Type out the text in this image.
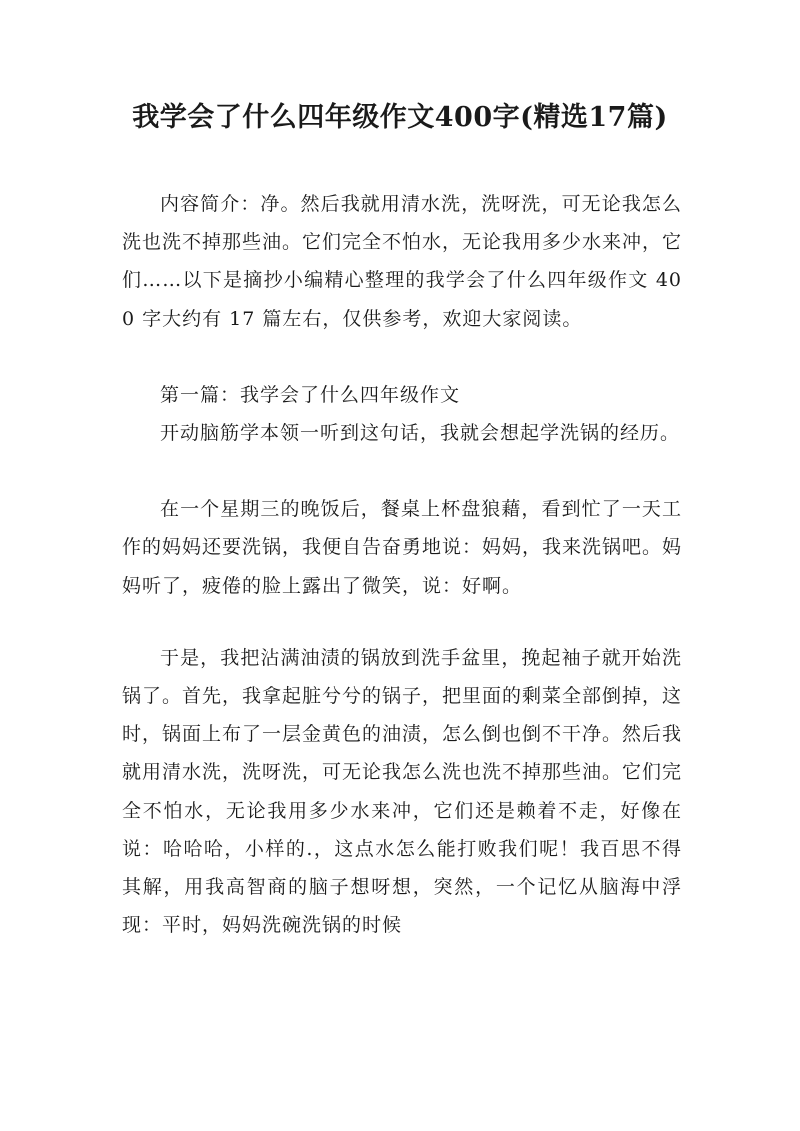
我学会了什么四年级作文400字(精选17篇)

内容简介：净。然后我就用清水洗，洗呀洗，可无论我怎么洗也洗不掉那些油。它们完全不怕水，无论我用多少水来冲，它们……以下是摘抄小编精心整理的我学会了什么四年级作文 400 字大约有 17 篇左右，仅供参考，欢迎大家阅读。

第一篇：我学会了什么四年级作文

开动脑筋学本领一听到这句话，我就会想起学洗锅的经历。

在一个星期三的晚饭后，餐桌上杯盘狼藉，看到忙了一天工作的妈妈还要洗锅，我便自告奋勇地说：妈妈，我来洗锅吧。妈妈听了，疲倦的脸上露出了微笑，说：好啊。

于是，我把沾满油渍的锅放到洗手盆里，挽起袖子就开始洗锅了。首先，我拿起脏兮兮的锅子，把里面的剩菜全部倒掉，这时，锅面上布了一层金黄色的油渍，怎么倒也倒不干净。然后我就用清水洗，洗呀洗，可无论我怎么洗也洗不掉那些油。它们完全不怕水，无论我用多少水来冲，它们还是赖着不走，好像在说：哈哈哈，小样的.，这点水怎么能打败我们呢！我百思不得其解，用我高智商的脑子想呀想，突然，一个记忆从脑海中浮现：平时，妈妈洗碗洗锅的时候
